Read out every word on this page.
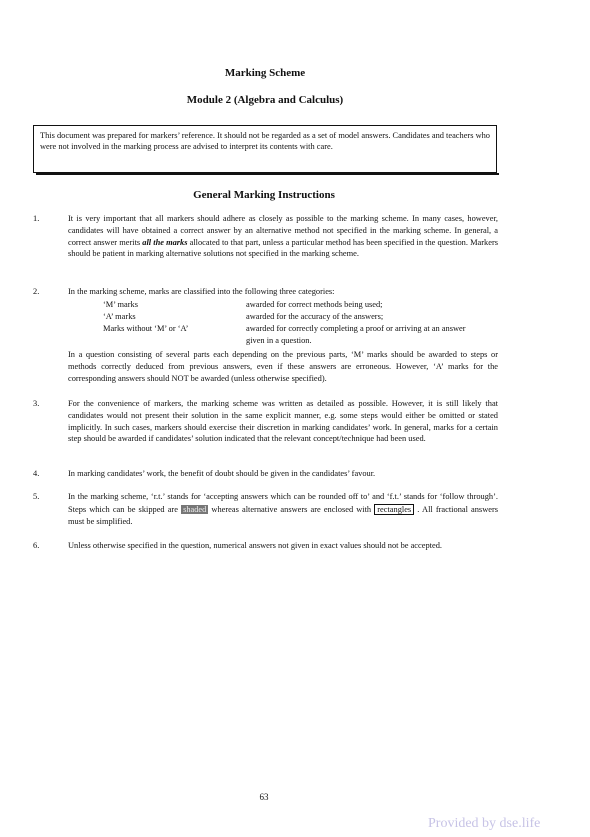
Marking Scheme
Module 2 (Algebra and Calculus)
This document was prepared for markers’ reference. It should not be regarded as a set of model answers. Candidates and teachers who were not involved in the marking process are advised to interpret its contents with care.
General Marking Instructions
1.	It is very important that all markers should adhere as closely as possible to the marking scheme. In many cases, however, candidates will have obtained a correct answer by an alternative method not specified in the marking scheme. In general, a correct answer merits all the marks allocated to that part, unless a particular method has been specified in the question. Markers should be patient in marking alternative solutions not specified in the marking scheme.
2.	In the marking scheme, marks are classified into the following three categories:
‘M’ marks	awarded for correct methods being used;
‘A’ marks	awarded for the accuracy of the answers;
Marks without ‘M’ or ‘A’	awarded for correctly completing a proof or arriving at an answer given in a question.
In a question consisting of several parts each depending on the previous parts, ‘M’ marks should be awarded to steps or methods correctly deduced from previous answers, even if these answers are erroneous. However, ‘A’ marks for the corresponding answers should NOT be awarded (unless otherwise specified).
3.	For the convenience of markers, the marking scheme was written as detailed as possible. However, it is still likely that candidates would not present their solution in the same explicit manner, e.g. some steps would either be omitted or stated implicitly. In such cases, markers should exercise their discretion in marking candidates’ work. In general, marks for a certain step should be awarded if candidates’ solution indicated that the relevant concept/technique had been used.
4.	In marking candidates’ work, the benefit of doubt should be given in the candidates’ favour.
5.	In the marking scheme, ‘r.t.’ stands for ‘accepting answers which can be rounded off to’ and ‘f.t.’ stands for ‘follow through’. Steps which can be skipped are shaded whereas alternative answers are enclosed with rectangles . All fractional answers must be simplified.
6.	Unless otherwise specified in the question, numerical answers not given in exact values should not be accepted.
63
Provided by dse.life
